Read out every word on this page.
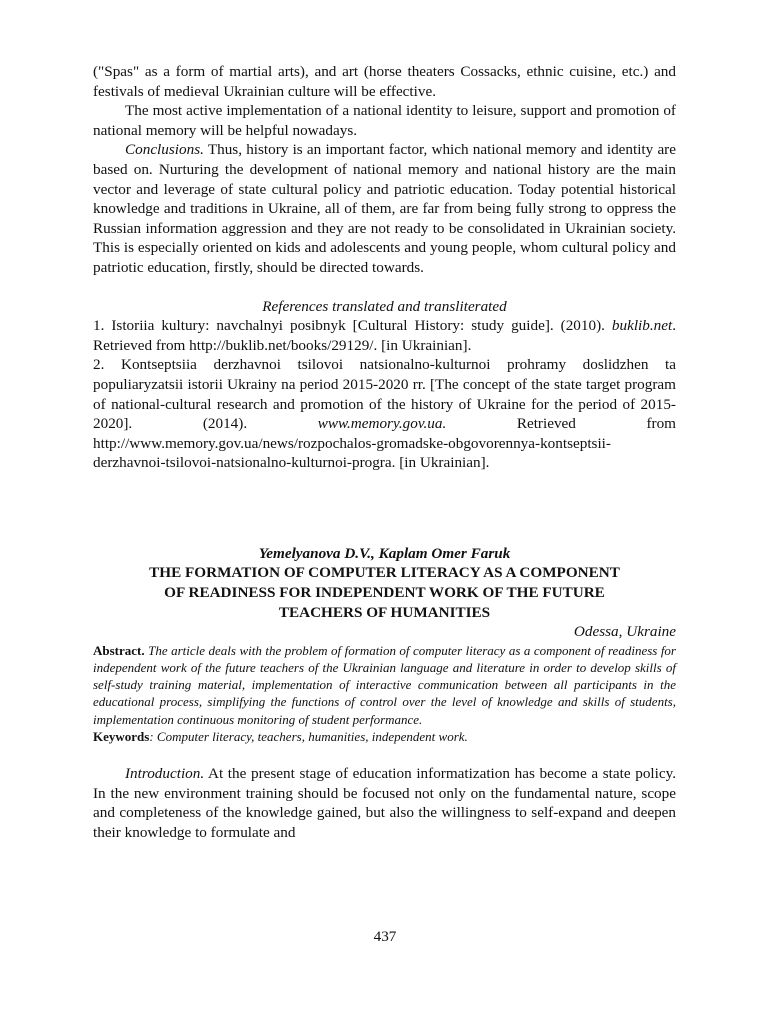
("Spas" as a form of martial arts), and art (horse theaters Cossacks, ethnic cuisine, etc.) and festivals of medieval Ukrainian culture will be effective.

The most active implementation of a national identity to leisure, support and promotion of national memory will be helpful nowadays.

Conclusions. Thus, history is an important factor, which national memory and identity are based on. Nurturing the development of national memory and national history are the main vector and leverage of state cultural policy and patriotic education. Today potential historical knowledge and traditions in Ukraine, all of them, are far from being fully strong to oppress the Russian information aggression and they are not ready to be consolidated in Ukrainian society. This is especially oriented on kids and adolescents and young people, whom cultural policy and patriotic education, firstly, should be directed towards.

References translated and transliterated

1. Istoriia kultury: navchalnyi posibnyk [Cultural History: study guide]. (2010). buklib.net. Retrieved from http://buklib.net/books/29129/. [in Ukrainian].

2. Kontseptsiia derzhavnoi tsilovoi natsionalno-kulturnoi prohramy doslidzhen ta populiaryzatsii istorii Ukrainy na period 2015-2020 rr. [The concept of the state target program of national-cultural research and promotion of the history of Ukraine for the period of 2015-2020]. (2014). www.memory.gov.ua. Retrieved from http://www.memory.gov.ua/news/rozpochalos-gromadske-obgovorennya-kontseptsii-derzhavnoi-tsilovoi-natsionalno-kulturnoi-progra. [in Ukrainian].

Yemelyanova D.V., Kaplam Omer Faruk

THE FORMATION OF COMPUTER LITERACY AS A COMPONENT

OF READINESS FOR INDEPENDENT WORK OF THE FUTURE

TEACHERS OF HUMANITIES

Odessa, Ukraine

Abstract. The article deals with the problem of formation of computer literacy as a component of readiness for independent work of the future teachers of the Ukrainian language and literature in order to develop skills of self-study training material, implementation of interactive communication between all participants in the educational process, simplifying the functions of control over the level of knowledge and skills of students, implementation continuous monitoring of student performance.

Keywords: Computer literacy, teachers, humanities, independent work.

Introduction. At the present stage of education informatization has become a state policy. In the new environment training should be focused not only on the fundamental nature, scope and completeness of the knowledge gained, but also the willingness to self-expand and deepen their knowledge to formulate and

437
